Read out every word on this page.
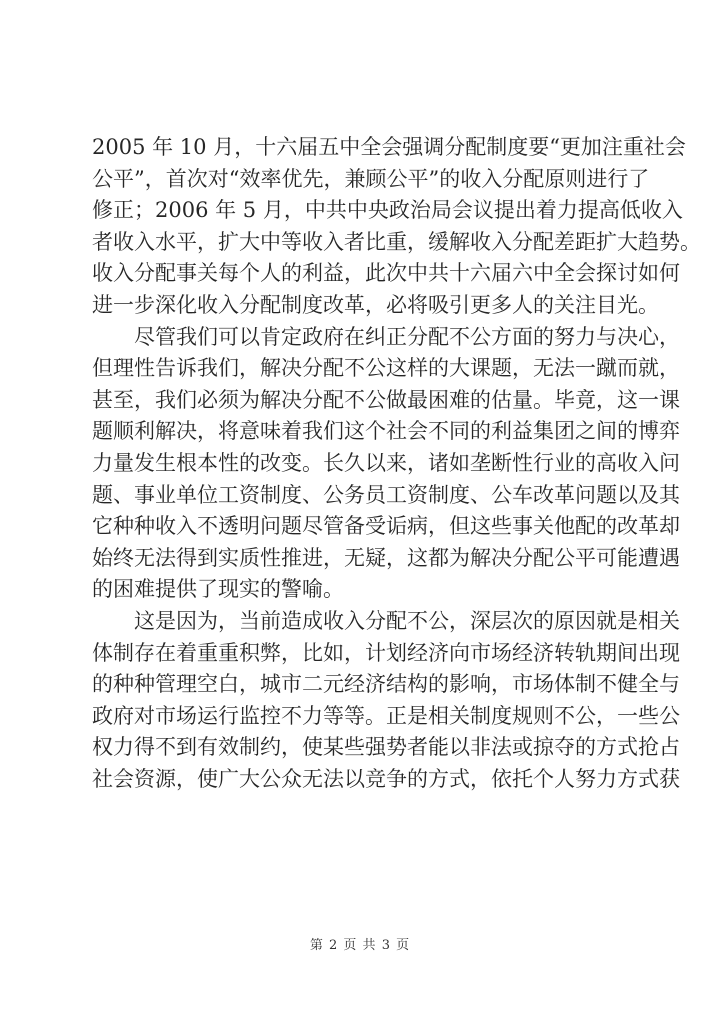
2005 年 10 月，十六届五中全会强调分配制度要“更加注重社会
公平”，首次对“效率优先，兼顾公平”的收入分配原则进行了
修正；2006 年 5 月，中共中央政治局会议提出着力提高低收入
者收入水平，扩大中等收入者比重，缓解收入分配差距扩大趋势。
收入分配事关每个人的利益，此次中共十六届六中全会探讨如何
进一步深化收入分配制度改革，必将吸引更多人的关注目光。
尽管我们可以肯定政府在纠正分配不公方面的努力与决心，
但理性告诉我们，解决分配不公这样的大课题，无法一蹴而就，
甚至，我们必须为解决分配不公做最困难的估量。毕竟，这一课
题顺利解决，将意味着我们这个社会不同的利益集团之间的博弈
力量发生根本性的改变。长久以来，诸如垄断性行业的高收入问
题、事业单位工资制度、公务员工资制度、公车改革问题以及其
它种种收入不透明问题尽管备受诟病，但这些事关他配的改革却
始终无法得到实质性推进，无疑，这都为解决分配公平可能遭遇
的困难提供了现实的警喻。
这是因为，当前造成收入分配不公，深层次的原因就是相关
体制存在着重重积弊，比如，计划经济向市场经济转轨期间出现
的种种管理空白，城市二元经济结构的影响，市场体制不健全与
政府对市场运行监控不力等等。正是相关制度规则不公，一些公
权力得不到有效制约，使某些强势者能以非法或掠夺的方式抢占
社会资源，使广大公众无法以竞争的方式，依托个人努力方式获
第 2 页 共 3 页
